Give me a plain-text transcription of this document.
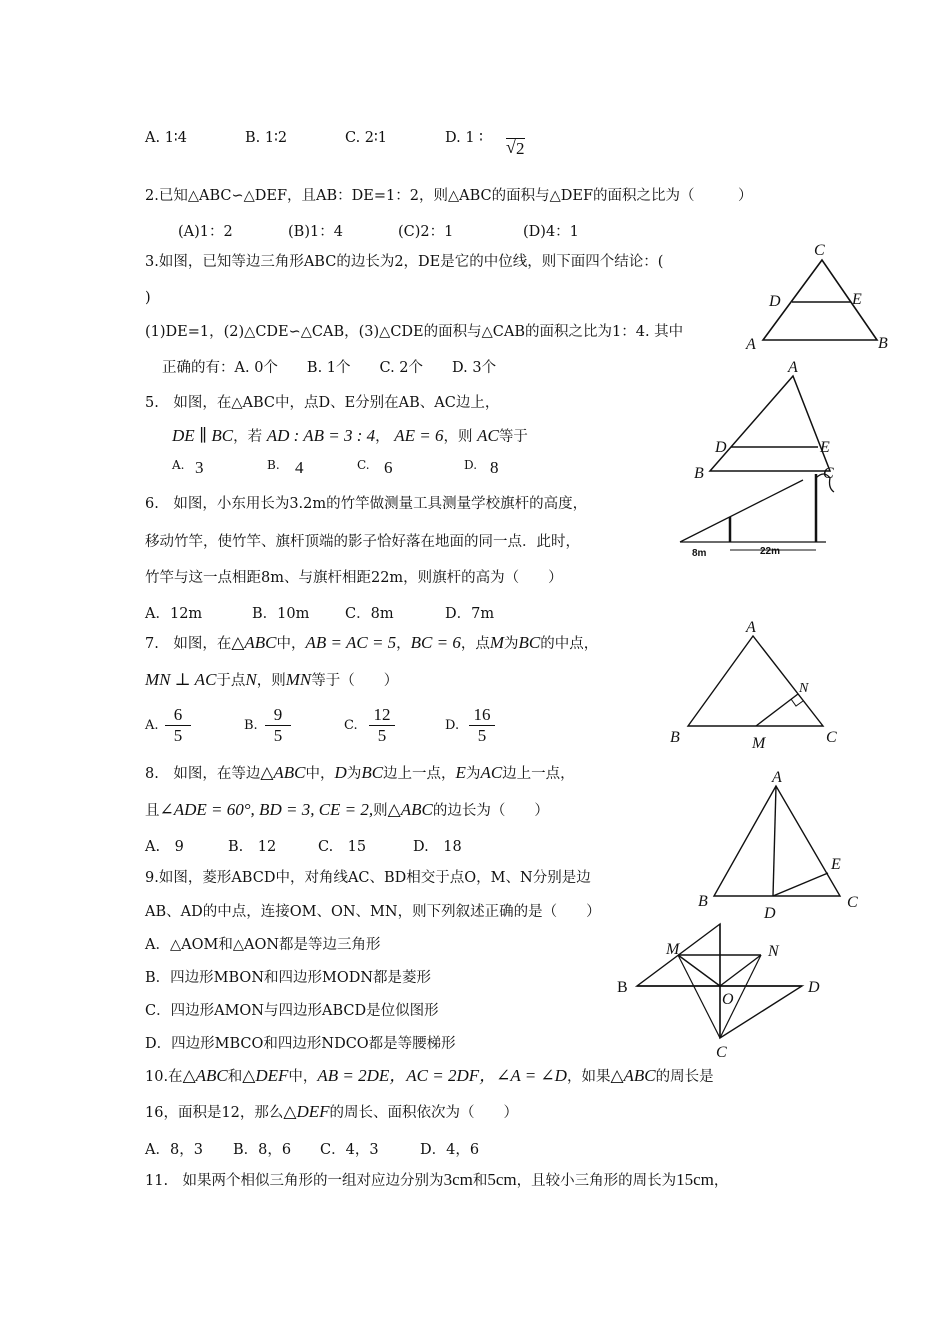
A. 1∶4	B. 1∶2	C. 2∶1	D. 1 ∶ √ 2
2.已知△ABC∽△DEF，且AB：DE=1：2，则△ABC的面积与△DEF的面积之比为（　　　）
(A)1：2	(B)1：4	(C)2：1	(D)4：1
3.如图，已知等边三角形ABC的边长为2，DE是它的中位线，则下面四个结论：(
)
(1)DE=1，(2)△CDE∽△CAB，(3)△CDE的面积与△CAB的面积之比为1：4. 其中
正确的有：A. 0个　　B. 1个　　C. 2个　　D. 3个
C
D	E
A	B
5.　如图，在△ABC中，点D、E分别在AB、AC边上，
DE ∥ BC，若 AD : AB = 3 : 4， AE = 6，则 AC等于
A. 3	B. 4	C. 6	D. 8
A
D	E
B	C
6.　如图，小东用长为3.2m的竹竿做测量工具测量学校旗杆的高度，
移动竹竿，使竹竿、旗杆顶端的影子恰好落在地面的同一点．此时，
竹竿与这一点相距8m、与旗杆相距22m，则旗杆的高为（　　）
A．12m	B．10m C．8m	D．7m
8m	22m
7.　如图，在△ABC中，AB = AC = 5，BC = 6，点M为BC的中点，
MN ⊥ AC于点N，则MN等于（　　）
A. $\frac{6}{5}$	B. $\frac{9}{5}$	C. $\frac{12}{5}$	D. $\frac{16}{5}$
A
N
B	M	C
8.　如图，在等边△ABC中，D为BC边上一点，E为AC边上一点，
且∠ADE = 60°, BD = 3, CE = 2,则△ABC的边长为（　　）
A.　9	B.　12	C.　15	D.　18
A
E
B
D
C
9.如图，菱形ABCD中，对角线AC、BD相交于点O，M、N分别是边
AB、AD的中点，连接OM、ON、MN，则下列叙述正确的是（　　）
A．△AOM和△AON都是等边三角形
B．四边形MBON和四边形MODN都是菱形
C．四边形AMON与四边形ABCD是位似图形
D．四边形MBCO和四边形NDCO都是等腰梯形
M	N
B	D
O
C
10.在△ABC和△DEF中，AB = 2DE，AC = 2DF，∠A = ∠D，如果△ABC的周长是
16，面积是12，那么△DEF的周长、面积依次为（　　）
A．8，3 B．8，6 C．4，3	D．4，6
11.　如果两个相似三角形的一组对应边分别为3cm和5cm，且较小三角形的周长为15cm，
